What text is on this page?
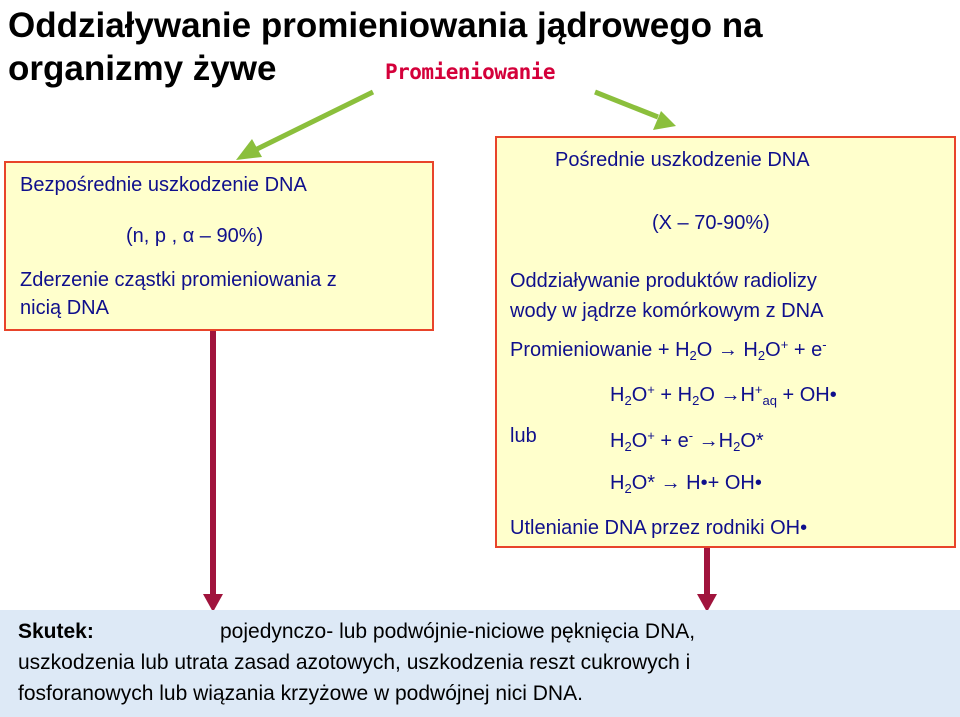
Oddziaływanie promieniowania jądrowego na
organizmy żywe	Promieniowanie
Bezpośrednie uszkodzenie DNA
(n, p , α – 90%)
Zderzenie cząstki promieniowania z
nicią DNA
Pośrednie uszkodzenie DNA
(X – 70-90%)
Oddziaływanie produktów radiolizy
wody w jądrze komórkowym z DNA
Promieniowanie + $H_2O \to H_2O^+ + e^-$
$H_2O^+ + H_2O \to H^+_{aq}$ + OH•
lub	$H_2O^+ + e^- \to H_2O*$
$H_2O*$ → H•+ OH•
Utlenianie DNA przez rodniki OH•
Skutek:	pojedynczo- lub podwójnie-niciowe pęknięcia DNA,
uszkodzenia lub utrata zasad azotowych, uszkodzenia reszt cukrowych i
fosforanowych lub wiązania krzyżowe w podwójnej nici DNA.
